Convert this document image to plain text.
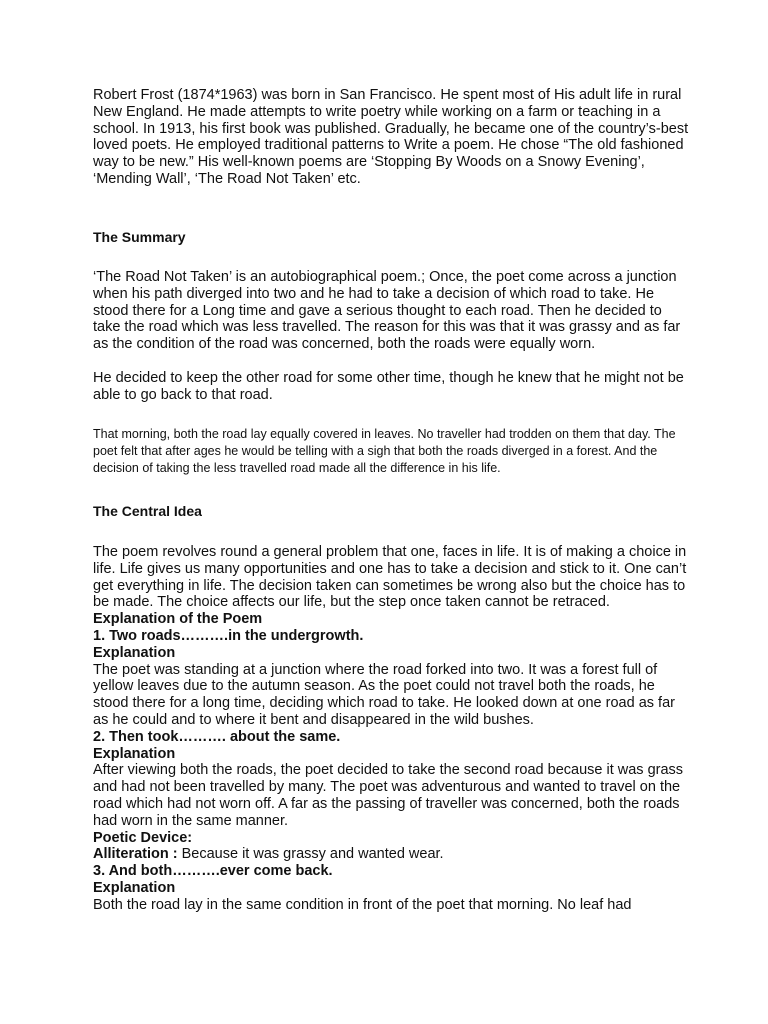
Robert Frost (1874*1963) was born in San Francisco. He spent most of His adult life in rural New England. He made attempts to write poetry while working on a farm or teaching in a school. In 1913, his first book was published. Gradually, he became one of the country’s-best loved poets. He employed traditional patterns to Write a poem. He chose “The old fashioned way to be new.” His well-known poems are ‘Stopping By Woods on a Snowy Evening’, ‘Mending Wall’, ‘The Road Not Taken’ etc.

The Summary

‘The Road Not Taken’ is an autobiographical poem.; Once, the poet come across a junction when his path diverged into two and he had to take a decision of which road to take. He stood there for a Long time and gave a serious thought to each road. Then he decided to take the road which was less travelled. The reason for this was that it was grassy and as far as the condition of the road was concerned, both the roads were equally worn.

He decided to keep the other road for some other time, though he knew that he might not be able to go back to that road.

That morning, both the road lay equally covered in leaves. No traveller had trodden on them that day. The poet felt that after ages he would be telling with a sigh that both the roads diverged in a forest. And the decision of taking the less travelled road made all the difference in his life.

The Central Idea
The poem revolves round a general problem that one, faces in life. It is of making a choice in life. Life gives us many opportunities and one has to take a decision and stick to it. One can’t get everything in life. The decision taken can sometimes be wrong also but the choice has to be made. The choice affects our life, but the step once taken cannot be retraced.
Explanation of the Poem
1. Two roads……….in the undergrowth.
Explanation
The poet was standing at a junction where the road forked into two. It was a forest full of yellow leaves due to the autumn season. As the poet could not travel both the roads, he stood there for a long time, deciding which road to take. He looked down at one road as far as he could and to where it bent and disappeared in the wild bushes.
2. Then took………. about the same.
Explanation
After viewing both the roads, the poet decided to take the second road because it was grass and had not been travelled by many. The poet was adventurous and wanted to travel on the road which had not worn off. A far as the passing of traveller was concerned, both the roads had worn in the same manner.
Poetic Device:
Alliteration : Because it was grassy and wanted wear.
3. And both……….ever come back.
Explanation
Both the road lay in the same condition in front of the poet that morning. No leaf had
